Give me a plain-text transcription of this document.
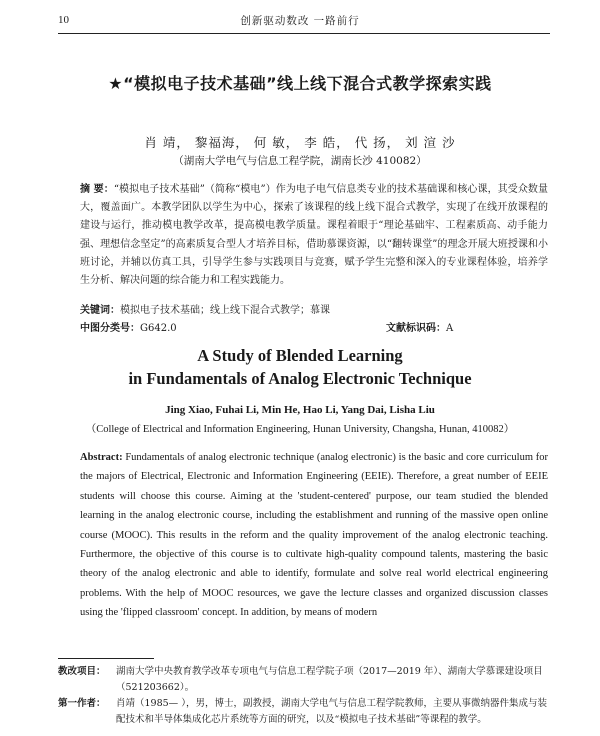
10	创新驱动数改 一路前行
★“模拟电子技术基础”线上线下混合式教学探索实践
肖 靖， 黎福海， 何 敏， 李 皓， 代 扬， 刘 渲 沙
（湖南大学电气与信息工程学院，湖南长沙 410082）
摘 要：“模拟电子技术基础”（简称“模电”）作为电子电气信息类专业的技术基础课和核心课，其受众数量大，覆盖面广。本教学团队以学生为中心，探索了该课程的线上线下混合式教学，实现了在线开放课程的建设与运行，推动模电教学改革，提高模电教学质量。课程着眼于“理论基础牢、工程素质高、动手能力强、理想信念坚定”的高素质复合型人才培养目标，借助慕课资源，以“翻转课堂”的理念开展大班授课和小班讨论，并辅以仿真工具，引导学生参与实践项目与竞赛，赋予学生完整和深入的专业课程体验，培养学生分析、解决问题的综合能力和工程实践能力。
关键词：模拟电子技术基础；线上线下混合式教学；慕课
中图分类号：G642.0	文献标识码：A
A Study of Blended Learning
in Fundamentals of Analog Electronic Technique
Jing Xiao, Fuhai Li, Min He, Hao Li, Yang Dai, Lisha Liu
（College of Electrical and Information Engineering, Hunan University, Changsha, Hunan, 410082）
Abstract: Fundamentals of analog electronic technique (analog electronic) is the basic and core curriculum for the majors of Electrical, Electronic and Information Engineering (EEIE). Therefore, a great number of EEIE students will choose this course. Aiming at the 'student-centered' purpose, our team studied the blended learning in the analog electronic course, including the establishment and running of the massive open online course (MOOC). This results in the reform and the quality improvement of the analog electronic teaching. Furthermore, the objective of this course is to cultivate high-quality compound talents, mastering the basic theory of the analog electronic and able to identify, formulate and solve real world electrical engineering problems. With the help of MOOC resources, we gave the lecture classes and organized discussion classes using the 'flipped classroom' concept. In addition, by means of modern
教改项目：	湖南大学中央教育教学改革专项电气与信息工程学院子项（2017—2019 年）、湖南大学慕课建设项目（521203662）。
第一作者：	肖靖（1985— ），男，博士，副教授，湖南大学电气与信息工程学院教师，主要从事微纳器件集成与装配技术和半导体集成化芯片系统等方面的研究，以及“模拟电子技术基础”等课程的教学。
